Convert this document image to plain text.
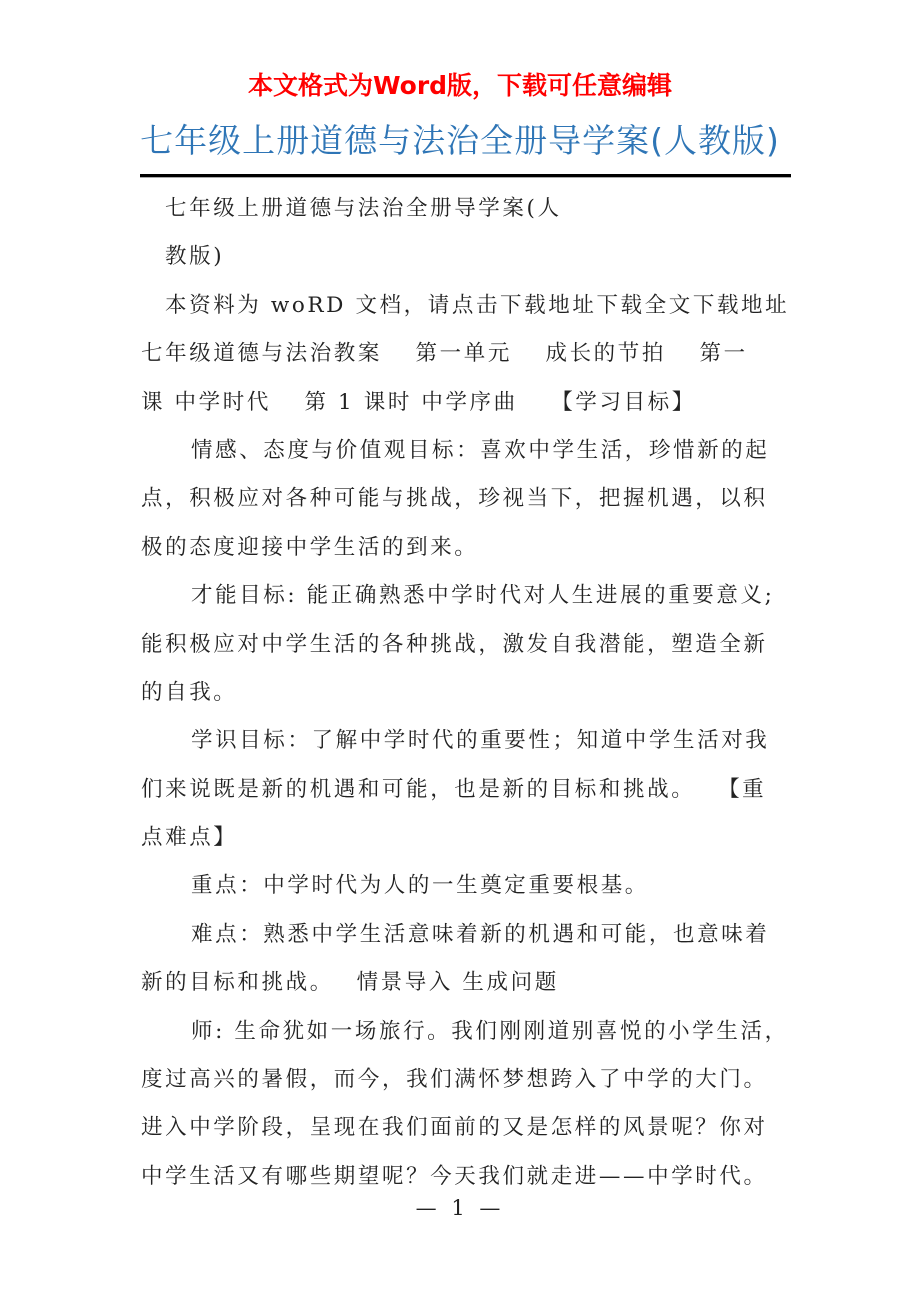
本文格式为Word版，下载可任意编辑
七年级上册道德与法治全册导学案(人教版)
七年级上册道德与法治全册导学案(人
教版)
本资料为 woRD 文档，请点击下载地址下载全文下载地址
七年级道德与法治教案　 第一单元　 成长的节拍　 第一
课 中学时代　 第 1 课时 中学序曲　 【学习目标】
情感、态度与价值观目标：喜欢中学生活，珍惜新的起
点，积极应对各种可能与挑战，珍视当下，把握机遇，以积
极的态度迎接中学生活的到来。
才能目标: 能正确熟悉中学时代对人生进展的重要意义;
能积极应对中学生活的各种挑战，激发自我潜能，塑造全新
的自我。
学识目标：了解中学时代的重要性；知道中学生活对我
们来说既是新的机遇和可能，也是新的目标和挑战。　 【重
点难点】
重点：中学时代为人的一生奠定重要根基。
难点：熟悉中学生活意味着新的机遇和可能，也意味着
新的目标和挑战。　 情景导入 生成问题
师: 生命犹如一场旅行。我们刚刚道别喜悦的小学生活，
度过高兴的暑假，而今，我们满怀梦想跨入了中学的大门。
进入中学阶段，呈现在我们面前的又是怎样的风景呢？你对
中学生活又有哪些期望呢？今天我们就走进——中学时代。
— 1 —
